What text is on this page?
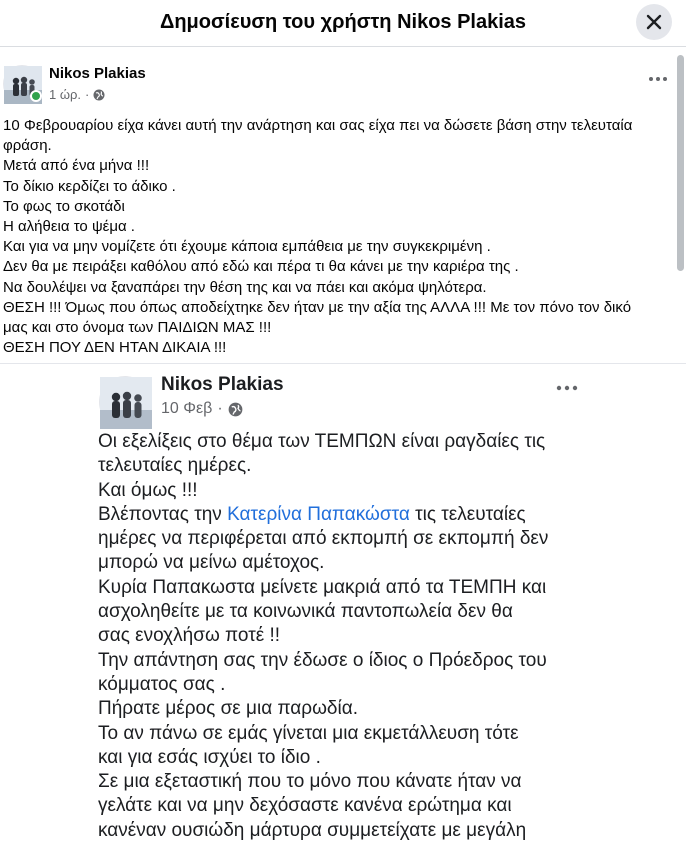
Δημοσίευση του χρήστη Nikos Plakias
Nikos Plakias
1 ώρ. ·

10 Φεβρουαρίου είχα κάνει αυτή την ανάρτηση και σας είχα πει να δώσετε βάση στην τελευταία

φράση.

Μετά από ένα μήνα !!!

Το δίκιο κερδίζει το άδικο .

Το φως το σκοτάδι

Η αλήθεια το ψέμα .

Και για να μην νομίζετε ότι έχουμε κάποια εμπάθεια με την συγκεκριμένη .

Δεν θα με πειράξει καθόλου από εδώ και πέρα τι θα κάνει με την καριέρα της .

Να δουλέψει να ξαναπάρει την θέση της και να πάει και ακόμα ψηλότερα.

ΘΕΣΗ !!! Όμως που όπως αποδείχτηκε δεν ήταν με την αξία της ΑΛΛΑ !!! Με τον πόνο τον δικό

μας και στο όνομα των ΠΑΙΔΙΩΝ ΜΑΣ !!!

ΘΕΣΗ ΠΟΥ ΔΕΝ ΗΤΑΝ ΔΙΚΑΙΑ !!!

Nikos Plakias
10 Φεβ ·

Οι εξελίξεις στο θέμα των ΤΕΜΠΩΝ είναι ραγδαίες τις

τελευταίες ημέρες.

Και όμως !!!

Βλέποντας την Κατερίνα Παπακώστα τις τελευταίες

ημέρες να περιφέρεται από εκπομπή σε εκπομπή δεν

μπορώ να μείνω αμέτοχος.

Κυρία Παπακωστα μείνετε μακριά από τα ΤΕΜΠΗ και

ασχοληθείτε με τα κοινωνικά παντοπωλεία δεν θα

σας ενοχλήσω ποτέ !!

Την απάντηση σας την έδωσε ο ίδιος ο Πρόεδρος του

κόμματος σας .

Πήρατε μέρος σε μια παρωδία.

Το αν πάνω σε εμάς γίνεται μια εκμετάλλευση τότε

και για εσάς ισχύει το ίδιο .

Σε μια εξεταστική που το μόνο που κάνατε ήταν να

γελάτε και να μην δεχόσαστε κανένα ερώτημα και

κανέναν ουσιώδη μάρτυρα συμμετείχατε με μεγάλη
